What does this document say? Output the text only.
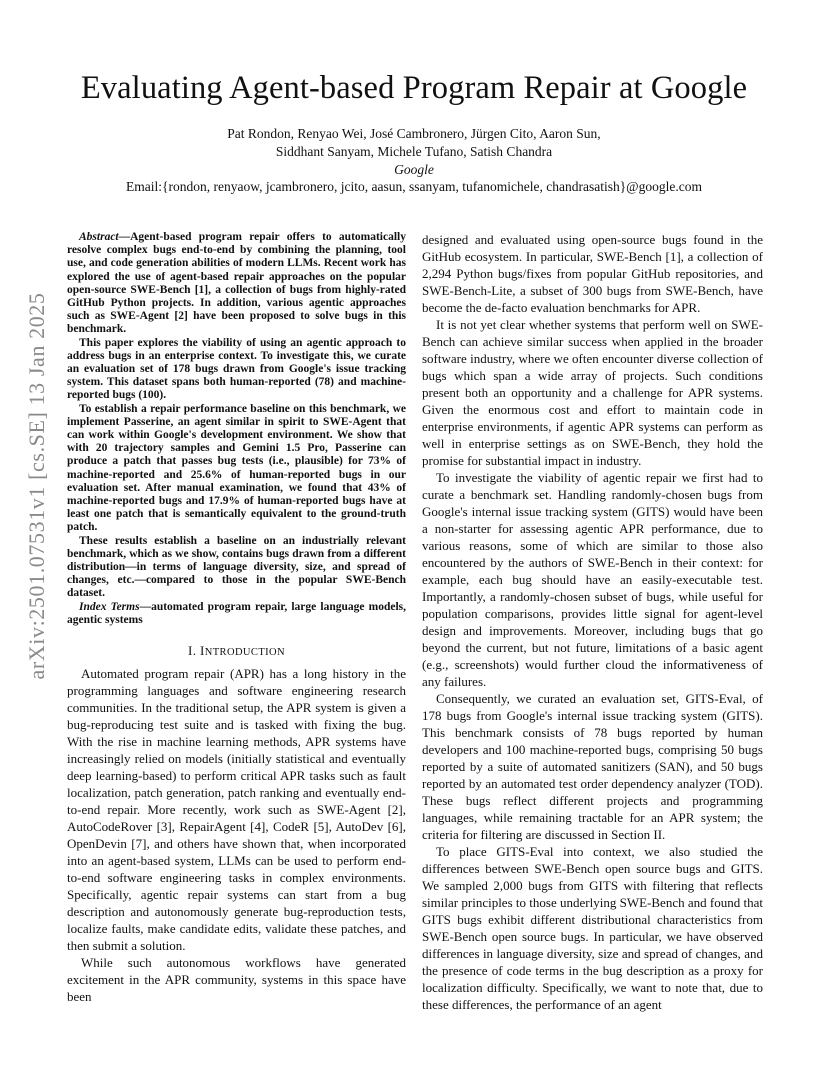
Evaluating Agent-based Program Repair at Google
Pat Rondon, Renyao Wei, José Cambronero, Jürgen Cito, Aaron Sun,
Siddhant Sanyam, Michele Tufano, Satish Chandra
Google
Email:{rondon, renyaow, jcambronero, jcito, aasun, ssanyam, tufanomichele, chandrasatish}@google.com
arXiv:2501.07531v1 [cs.SE] 13 Jan 2025

Abstract—Agent-based program repair offers to automatically resolve complex bugs end-to-end by combining the planning, tool use, and code generation abilities of modern LLMs. Recent work has explored the use of agent-based repair approaches on the popular open-source SWE-Bench [1], a collection of bugs from highly-rated GitHub Python projects. In addition, various agentic approaches such as SWE-Agent [2] have been proposed to solve bugs in this benchmark.

This paper explores the viability of using an agentic approach to address bugs in an enterprise context. To investigate this, we curate an evaluation set of 178 bugs drawn from Google's issue tracking system. This dataset spans both human-reported (78) and machine-reported bugs (100).

To establish a repair performance baseline on this benchmark, we implement Passerine, an agent similar in spirit to SWE-Agent that can work within Google's development environment. We show that with 20 trajectory samples and Gemini 1.5 Pro, Passerine can produce a patch that passes bug tests (i.e., plausible) for 73% of machine-reported and 25.6% of human-reported bugs in our evaluation set. After manual examination, we found that 43% of machine-reported bugs and 17.9% of human-reported bugs have at least one patch that is semantically equivalent to the ground-truth patch.

These results establish a baseline on an industrially relevant benchmark, which as we show, contains bugs drawn from a different distribution—in terms of language diversity, size, and spread of changes, etc.—compared to those in the popular SWE-Bench dataset.

Index Terms—automated program repair, large language models, agentic systems

I. INTRODUCTION

Automated program repair (APR) has a long history in the programming languages and software engineering research communities. In the traditional setup, the APR system is given a bug-reproducing test suite and is tasked with fixing the bug. With the rise in machine learning methods, APR systems have increasingly relied on models (initially statistical and eventually deep learning-based) to perform critical APR tasks such as fault localization, patch generation, patch ranking and eventually end-to-end repair. More recently, work such as SWE-Agent [2], AutoCodeRover [3], RepairAgent [4], CodeR [5], AutoDev [6], OpenDevin [7], and others have shown that, when incorporated into an agent-based system, LLMs can be used to perform end-to-end software engineering tasks in complex environments. Specifically, agentic repair systems can start from a bug description and autonomously generate bug-reproduction tests, localize faults, make candidate edits, validate these patches, and then submit a solution.

While such autonomous workflows have generated excitement in the APR community, systems in this space have been

designed and evaluated using open-source bugs found in the GitHub ecosystem. In particular, SWE-Bench [1], a collection of 2,294 Python bugs/fixes from popular GitHub repositories, and SWE-Bench-Lite, a subset of 300 bugs from SWE-Bench, have become the de-facto evaluation benchmarks for APR.

It is not yet clear whether systems that perform well on SWE-Bench can achieve similar success when applied in the broader software industry, where we often encounter diverse collection of bugs which span a wide array of projects. Such conditions present both an opportunity and a challenge for APR systems. Given the enormous cost and effort to maintain code in enterprise environments, if agentic APR systems can perform as well in enterprise settings as on SWE-Bench, they hold the promise for substantial impact in industry.

To investigate the viability of agentic repair we first had to curate a benchmark set. Handling randomly-chosen bugs from Google's internal issue tracking system (GITS) would have been a non-starter for assessing agentic APR performance, due to various reasons, some of which are similar to those also encountered by the authors of SWE-Bench in their context: for example, each bug should have an easily-executable test. Importantly, a randomly-chosen subset of bugs, while useful for population comparisons, provides little signal for agent-level design and improvements. Moreover, including bugs that go beyond the current, but not future, limitations of a basic agent (e.g., screenshots) would further cloud the informativeness of any failures.

Consequently, we curated an evaluation set, GITS-Eval, of 178 bugs from Google's internal issue tracking system (GITS). This benchmark consists of 78 bugs reported by human developers and 100 machine-reported bugs, comprising 50 bugs reported by a suite of automated sanitizers (SAN), and 50 bugs reported by an automated test order dependency analyzer (TOD). These bugs reflect different projects and programming languages, while remaining tractable for an APR system; the criteria for filtering are discussed in Section II.

To place GITS-Eval into context, we also studied the differences between SWE-Bench open source bugs and GITS. We sampled 2,000 bugs from GITS with filtering that reflects similar principles to those underlying SWE-Bench and found that GITS bugs exhibit different distributional characteristics from SWE-Bench open source bugs. In particular, we have observed differences in language diversity, size and spread of changes, and the presence of code terms in the bug description as a proxy for localization difficulty. Specifically, we want to note that, due to these differences, the performance of an agent
